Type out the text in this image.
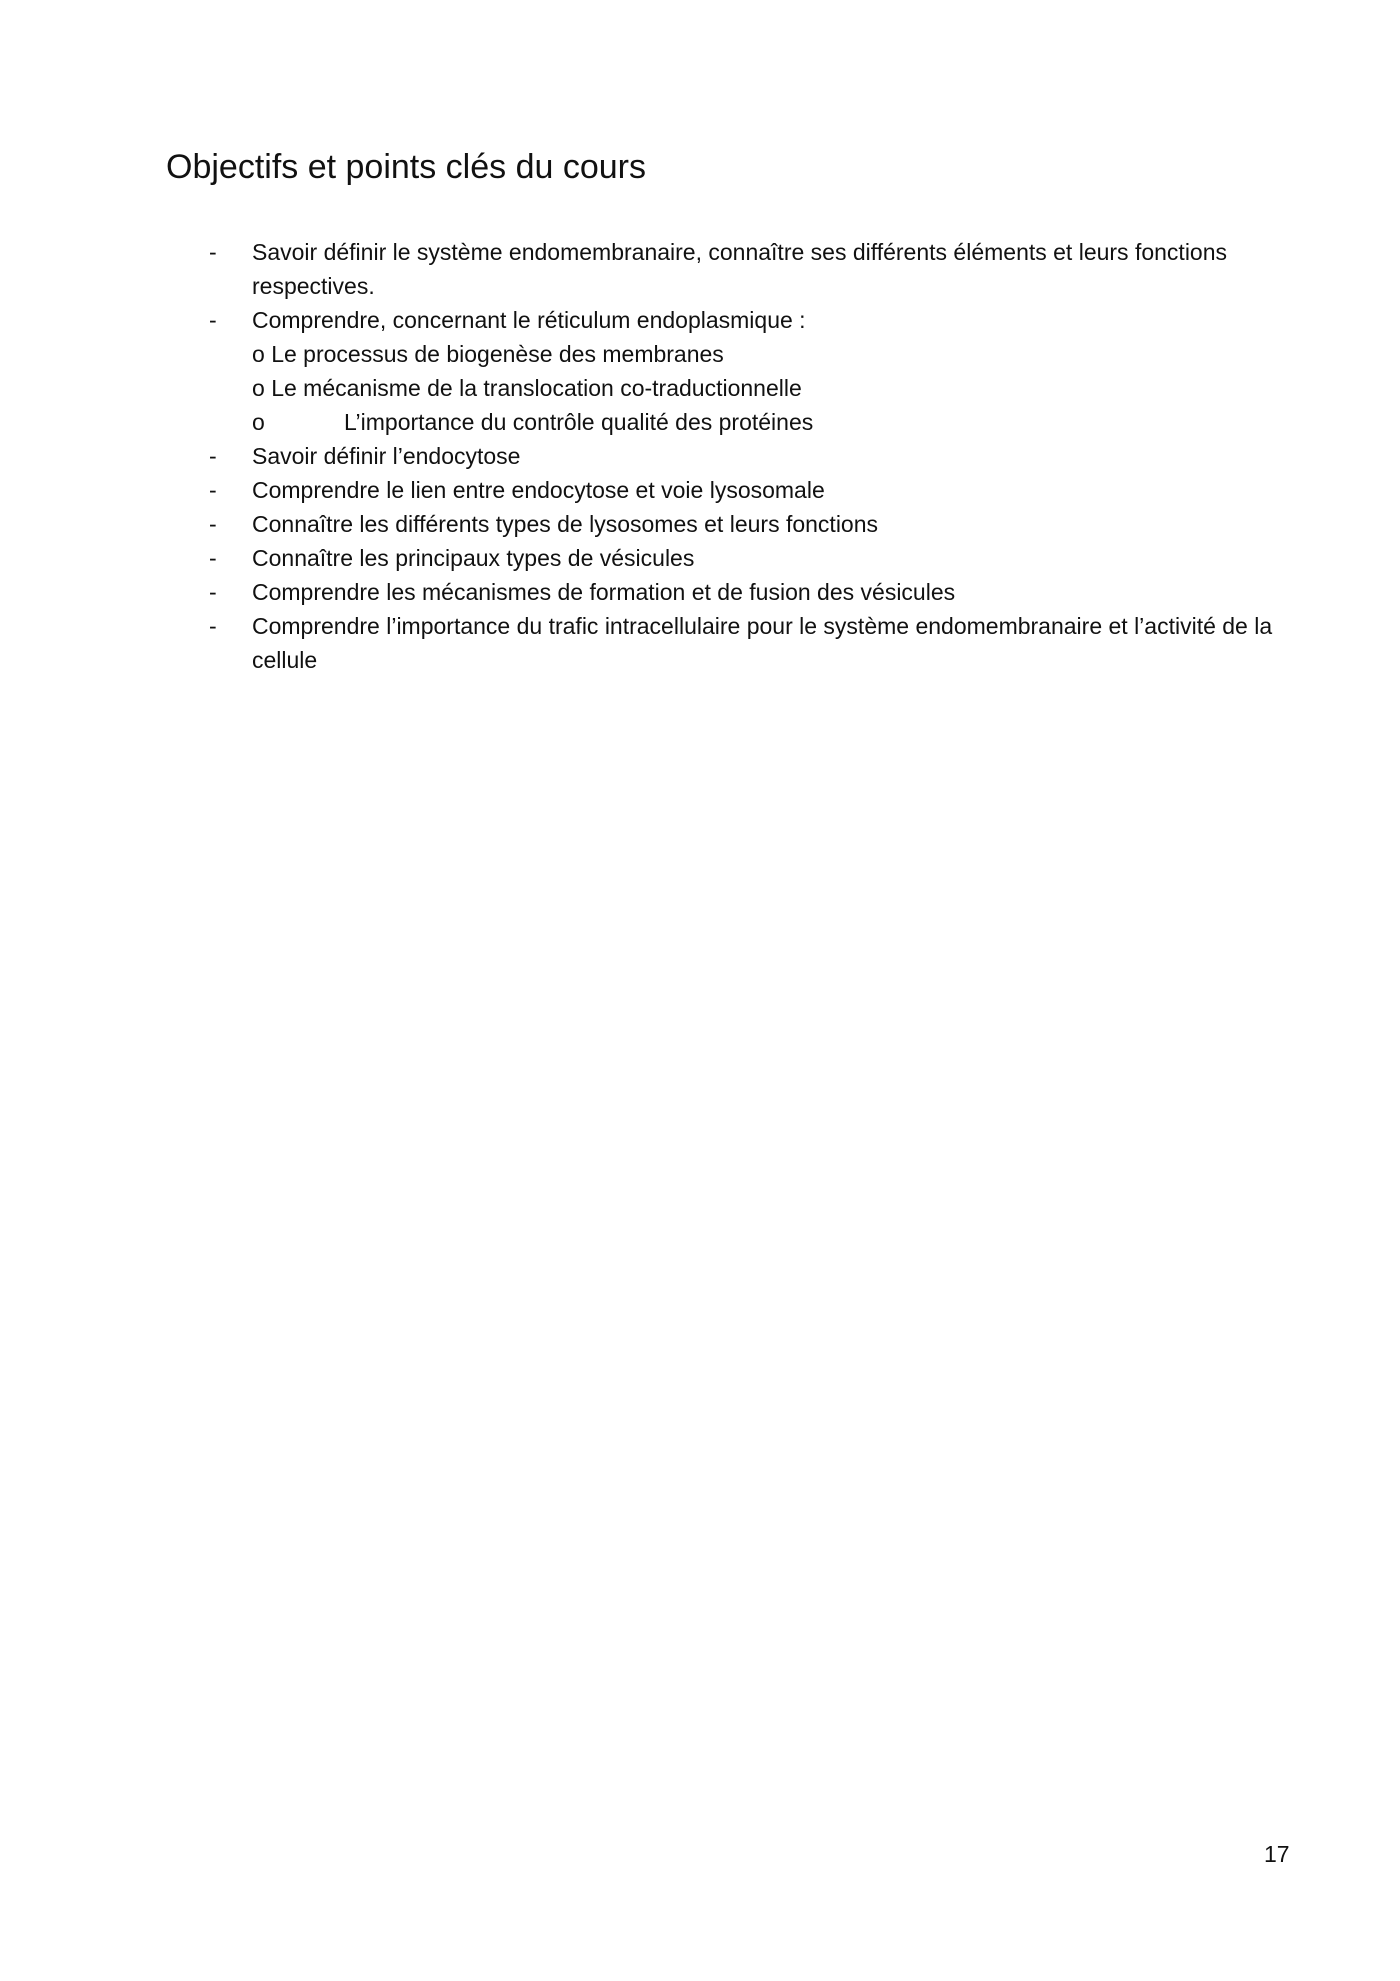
Objectifs et points clés du cours
- Savoir définir le système endomembranaire, connaître ses différents éléments et leurs fonctions respectives.
- Comprendre, concernant le réticulum endoplasmique :
o Le processus de biogenèse des membranes
o Le mécanisme de la translocation co-traductionnelle
o	L’importance du contrôle qualité des protéines
- Savoir définir l’endocytose
- Comprendre le lien entre endocytose et voie lysosomale
- Connaître les différents types de lysosomes et leurs fonctions
- Connaître les principaux types de vésicules
- Comprendre les mécanismes de formation et de fusion des vésicules
- Comprendre l’importance du trafic intracellulaire pour le système endomembranaire et l’activité de la cellule
17
